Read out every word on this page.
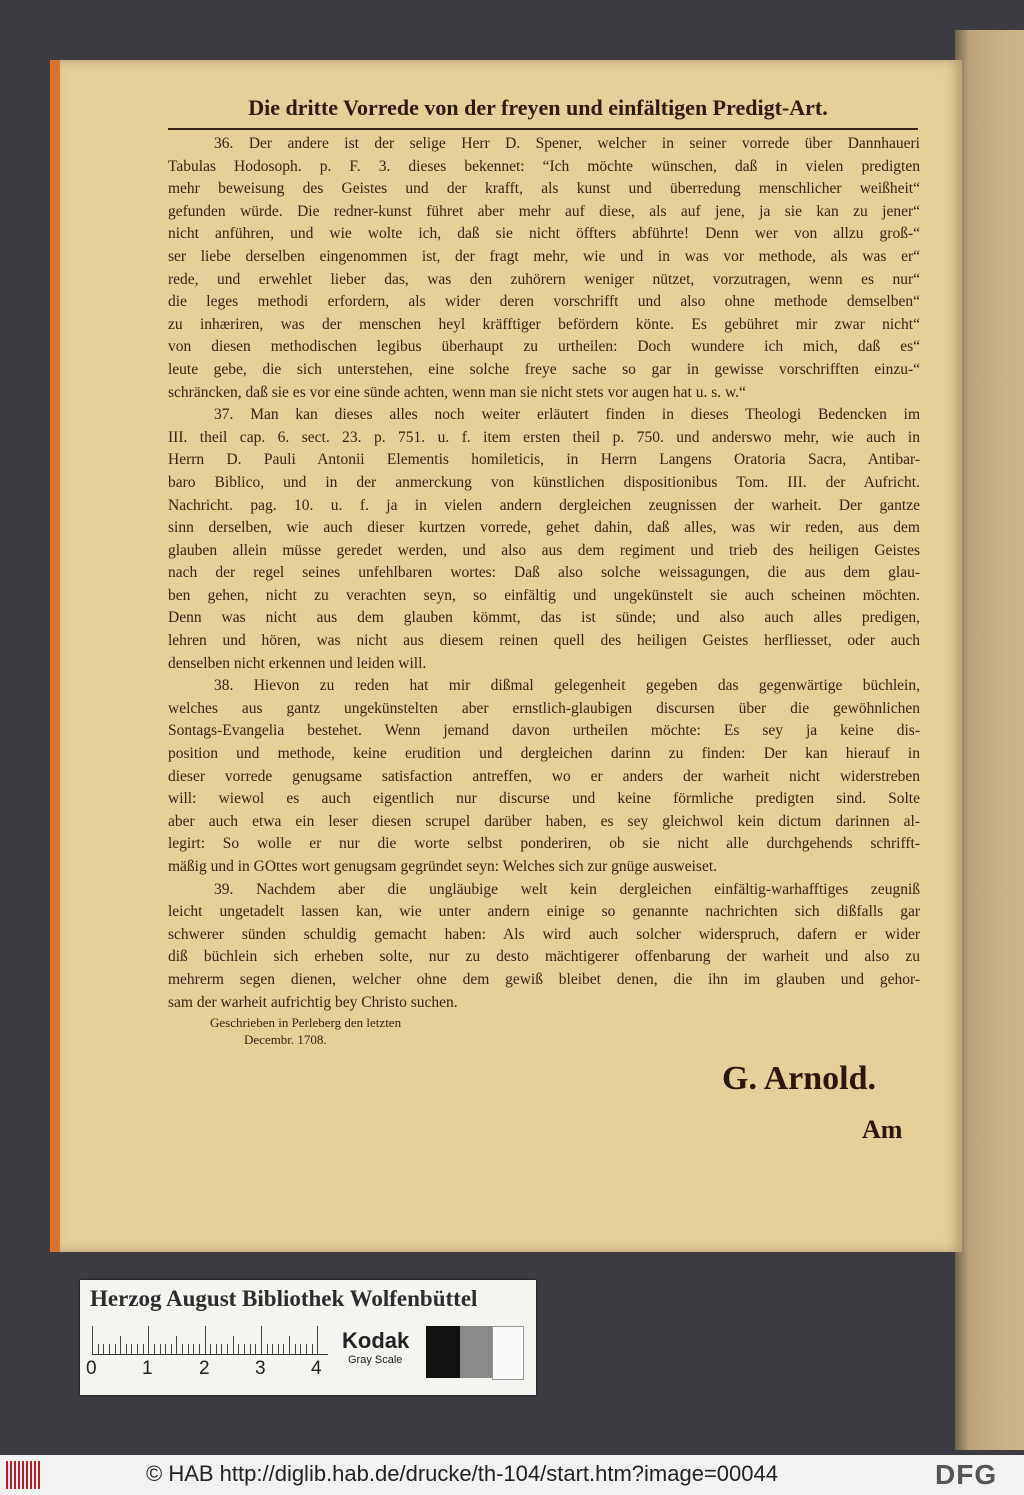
Die dritte Vorrede von der freyen und einfältigen Predigt-Art.
36. Der andere ist der selige Herr D. Spener, welcher in seiner vorrede über Dannhaueri
Tabulas Hodosoph. p. F. 3. dieses bekennet: “Ich möchte wünschen, daß in vielen predigten
mehr beweisung des Geistes und der krafft, als kunst und überredung menschlicher weißheit“
gefunden würde. Die redner-kunst führet aber mehr auf diese, als auf jene, ja sie kan zu jener“
nicht anführen, und wie wolte ich, daß sie nicht öffters abführte! Denn wer von allzu groß-“
ser liebe derselben eingenommen ist, der fragt mehr, wie und in was vor methode, als was er“
rede, und erwehlet lieber das, was den zuhörern weniger nützet, vorzutragen, wenn es nur“
die leges methodi erfordern, als wider deren vorschrifft und also ohne methode demselben“
zu inhæriren, was der menschen heyl kräfftiger befördern könte. Es gebühret mir zwar nicht“
von diesen methodischen legibus überhaupt zu urtheilen: Doch wundere ich mich, daß es“
leute gebe, die sich unterstehen, eine solche freye sache so gar in gewisse vorschrifften einzu-“
schräncken, daß sie es vor eine sünde achten, wenn man sie nicht stets vor augen hat u. s. w.“
37. Man kan dieses alles noch weiter erläutert finden in dieses Theologi Bedencken im
III. theil cap. 6. sect. 23. p. 751. u. f. item ersten theil p. 750. und anderswo mehr, wie auch in
Herrn D. Pauli Antonii Elementis homileticis, in Herrn Langens Oratoria Sacra, Antibar-
baro Biblico, und in der anmerckung von künstlichen dispositionibus Tom. III. der Aufricht.
Nachricht. pag. 10. u. f. ja in vielen andern dergleichen zeugnissen der warheit. Der gantze
sinn derselben, wie auch dieser kurtzen vorrede, gehet dahin, daß alles, was wir reden, aus dem
glauben allein müsse geredet werden, und also aus dem regiment und trieb des heiligen Geistes
nach der regel seines unfehlbaren wortes: Daß also solche weissagungen, die aus dem glau-
ben gehen, nicht zu verachten seyn, so einfältig und ungekünstelt sie auch scheinen möchten.
Denn was nicht aus dem glauben kömmt, das ist sünde; und also auch alles predigen,
lehren und hören, was nicht aus diesem reinen quell des heiligen Geistes herfliesset, oder auch
denselben nicht erkennen und leiden will.
38. Hievon zu reden hat mir dißmal gelegenheit gegeben das gegenwärtige büchlein,
welches aus gantz ungekünstelten aber ernstlich-glaubigen discursen über die gewöhnlichen
Sontags-Evangelia bestehet. Wenn jemand davon urtheilen möchte: Es sey ja keine dis-
position und methode, keine erudition und dergleichen darinn zu finden: Der kan hierauf in
dieser vorrede genugsame satisfaction antreffen, wo er anders der warheit nicht widerstreben
will: wiewol es auch eigentlich nur discurse und keine förmliche predigten sind. Solte
aber auch etwa ein leser diesen scrupel darüber haben, es sey gleichwol kein dictum darinnen al-
legirt: So wolle er nur die worte selbst ponderiren, ob sie nicht alle durchgehends schrifft-
mäßig und in GOttes wort genugsam gegründet seyn: Welches sich zur gnüge ausweiset.
39. Nachdem aber die ungläubige welt kein dergleichen einfältig-warhafftiges zeugniß
leicht ungetadelt lassen kan, wie unter andern einige so genannte nachrichten sich dißfalls gar
schwerer sünden schuldig gemacht haben: Als wird auch solcher widerspruch, dafern er wider
diß büchlein sich erheben solte, nur zu desto mächtigerer offenbarung der warheit und also zu
mehrerm segen dienen, welcher ohne dem gewiß bleibet denen, die ihn im glauben und gehor-
sam der warheit aufrichtig bey Christo suchen.
Geschrieben in Perleberg den letzten
Decembr. 1708.
G. Arnold.
Am
Herzog August Bibliothek Wolfenbüttel
0 1 2 3 4
Kodak
Gray Scale
© HAB http://diglib.hab.de/drucke/th-104/start.htm?image=00044	DFG
